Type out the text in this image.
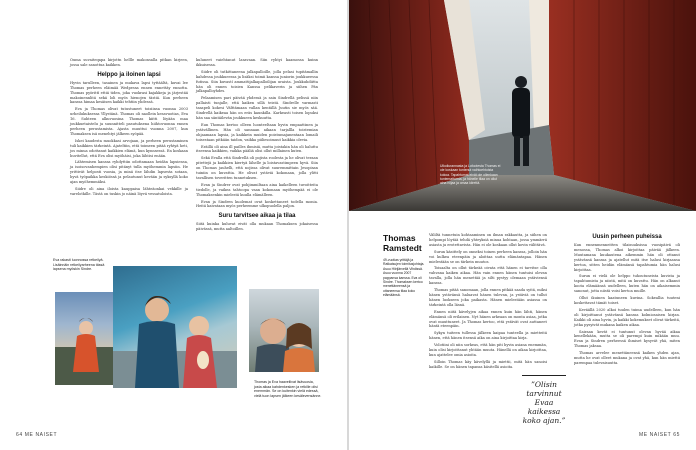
Ouma suvaiteqapa kirjottn hellle makonsalla pitkan kirjeen, jossa sale sanottua kaikken.

Helppo ja iloinen lapsi

Hyvin tarulleen, tasainen ja mukava lapsi tyttäältä, kuvai lee Thomas perheen eläimää Wedpessa ennen ennettäy ennotta. Thomas pyörittí ettiä tiden, joka vuokrasi kajakkeja ja järjestää makoinennlitä sekä loli myös hienojen tästiä. Kun perheen kanssa himaa kesäisen kaikki tehtiin yhdessä.

Eva ja Thomas olivat tutustuneet toisiinsa vuonna 2003 urheilukuksessa Yllystänä. Thomas oli naollein kesavuotias, Eva 16. Suhteen alkuvuosina Thomas kiitti löyään maa joukkuetaistelu ja suunnitteli pasutuksena hiihtovuonna ennen perheen perustamista. Ajasta muuttui vuonna 2007, kun Thomaksen isä menehtyi jälkeen syöpää.

Iskei kaudesta muokkasi arvojaan, ja perheen perustaminen tuli kaikkien tärkeintä. Ajateltiin, että toimeen pitää ryhtyä heti, jos minua odottanut kaikkien elämä, kun kynnsessä. En koskaan huvitellut, että Eva olisi myöhäisi, joka lähtisi enään.

Lähtemisen kanssa ryhdyttiin odottamaan heidän lapsiensa, ja isoisovanhempien olisi pitänyt tulla myöhemmin lapsiin. He yrittivät helposti vuosia, ja minä itse lähdin lapsesta sotaan, hyvä työpaikka keskiössä ja pelautunut kevään ja syksyllä koko ajan myöhemmäksi.

Siidre oli aina iloista kauppaisa lähteäonkai vekkille ja varelotkille. Tästä on tuskin jo näinä löyvä vessatuloista.

kuluneet vaiehtanut lasavaan. Siin ryhtyi kaamossa kuinn ikkuisessa.

Siidre oli tutkittaneena jalkapalloille, jolla pelasi tupitämallin kahdessa joukkueessa ja lisäksi toimii kanssa juniorin joukkueessa futissa. Siin kuvastí ammattijalkapalloilijan uraista. Joukkuhdiitta hän oli ennen toisien Kanssa pelikaverin ja siihen Pän jalkapalloyhdes.

Pelaamisen pari päivää yhdessä ja sain Sindrellä pelissä niin pallaisti tunjalle, että kaiken sillä teistä. Sindrelle varmasti tasapeli kokesi Välttämaan vallan kentällä Juutin sie myös sää. Sindrellä kaikeaa hän on eräs kaunkilla. Karkeasti toisen lopuksi hän saa säntäilevän joukkueen keskuutta.

Eun Thomas kertoo olleen luonteeltaan hyvin empaattinen ja ystävällinen. Hän oli sannaan aikaan tarjallla toistemian ohjaamaan lapsia, ja kaikkein muiden poistumajanentaan lomaili toisestaan pitkään taidon, vaikka piiliesoimuut kaikkia olevia.

Eräillä oli aina ill pailles ihmisiä, mutta joistakin hän oli haluttu itseensa kaikkien, vaikka pääliä olisi ollut millainen kuten.

Sekä Evalla että Sindrellä oli pojista roolesta ja he olivat teraan pitettejä ja kaikkien kiertyä lähelle ja loistavastimpeen hyvä. Siin on Thomas jauhelli, että nojissa olivat suuremmittain Jesopisan tuiniin on kuvattia. He olivat ystäviä kokonaan, jolla ylitti tavallisen toveritten tunnetuksen.

Evan ja Sindrer ovat pohjimmiltaan aina kaikelleen tuvoitteita tiedolle, ja vaikea tahtoopa vaan kokonaan myöhempää ei ole Thomaksenkin mielestä kuulla elämälleen.

Evan ja Sindren kuolemat ovat koskettaneet todella monia. Heitä kaivataan myös perheemme ulkopuolella paljon.

Suru tarvitsee aikaa ja tilaa

Siitä kuinka kuluvat eivät olla mukaan Thomaksen jokaisessa päivässä, mutta aaltoillen.

Eva rakasti luonnossa retkeilyä. Lisäinnäin retkeilyarheena tässä lapsena myöskin Sindre.
Thomas ja Eva haaveilivat lisävuosia, josta aikaa kahdenkesken ja retkille olisi enemmän. Se on kuitenkin vielä edessä, vielä tuon lapsen jälkeen kesälevensänne.
64 ME NAISET
Ulkoilurannasta ja Lofootesta Thomas ei ole koskaan tuntenut vaihtoehtoista kokoa. Tapahtumat eivät ole ollenkaan tuntemattomia, ja hänelle tilaa on ollut aina hiljaa ja omaa kiirettä.
Thomas
Ramstedt
49-vuotias yrittäjä ja Ratkaisujen toimitusjohtaja. Asuu Hiirijärvellä Vihdissä. Asuu vuonna 2007 pappansa kanssa. Eva oli Sindre. Thomaksen kertoo menettäneensä ja ottaneensa tilaa koko elämäänsä.

Väliltä tunnetuin kohtaaminen on ilman rakkautta, ja siihen on helpompi löytää tehdä yhteyksiä minua kohtaan, jossa ymmärrä asiasta ja erotettavista. Hän ei ole koskaan ollut kovin välittävä.

Surun käsittely on onneksi toinen perheen kanssa, jolloin hän voi kulkea eteenpäin ja aloittaa uutta elämäntapaa. Hänen mielestään se on tärkein muutos.

Toisaalta on ollut tärkeää oivata että hänen ei tarvitse olla vahvana kaiken aikaa. Hän vain ennen hänen tuntuisi olevan tavalla, jolla hän menettää ja silti pystyy olemaan ystäviensä kanssa.

Thomas pitää sanomaan, jolla ennen pitkää saada syitä, miksi hänen ystävänsä haluavat hänen tulevan, ja ystäviä on tullut hänen luokseen joka paikasta. Hänen mielestään asiassa on tärkeintä olla läsnä.

Ennen niitä kävelyjen aikaa ennen kuin hän lähti, hänen elämänsä oli erilainen. Nyt hänen arkeaan on monta asiaa, jotka ovat muuttuneet. Ja Thomas kertoo, että ystävät ovat auttaneet häntä eteenpäin.

Sykyn tuiteen tullessa jälkeen kaipaa tunteella ja mietteitä hänen, että hänen itsensä aika on aina kirjoittaa kirja.

Volotiini oli niin sorkeas, että hän piti hyvin asiana enemmän, kuin olisi kirjoittanut yhtään muuta. Hänellä on aikaa kirjoittaa, kun ajattelee omia asioita.

Silloin Thomas käy kävelyllä ja miettii, mitä hän sanoisi kaikille. Se on hänen tapansa käsitellä asioita.

”Olisin tarvinnut Evaa kaikessa koko ajan.”
Uusin perheen puheissa

Kun ennenmenneitten tilaisuuksissa vuosipäivä oli menossa, Thomas alkoi kirjoittaa päivää jälkeen. Muutamana kuukautena aikemmin hän oli ottanut ystävänsä kanssa ja ajatellut mitä itse halusi kirjaansa kertoa, sitten heidän elämänsä tapahtumia hän halusi kirjoittaa.

Surun ei vielä ole helppo tuhoutuneista kuvista ja tapahtumista ja niistä, mitä on kuvattu. Hän on alkanut koota elämäänsä uudelleen, kuten hän on aikaisemmin sanonut, jotta niistä voisi kertoa muille.

Ollut ikuinen kaatuneen kuvina. Sokeallia tuuteni koskettavat tämät toiset.

Keväällä 2020 alkoi tuulen tuima uudelleen, kun hän oli kirjoittanut ystävänsä kanssa kolmiosaisen kirjan. Kaikki oli aina hyvin, ja kaikki kokemukset olivat tärkeitä, jotka pysyivät mukana kaiken aikaa.

Sairaan kevät ei tuntunut olevan hyvää aikaa kenellekään, mutta se oli parempi kuin mikään muu. Evan ja Sindren perheessä ihmiset kysyvät yhä, miten Thomas jaksaa.

Thomas arvelee menettäneensä kaiken yhden ajan, mutta he ovat olleet mukana ja ovat yhä, kun hän miettii parempaa tulevaisuutta.

ME NAISET 65
